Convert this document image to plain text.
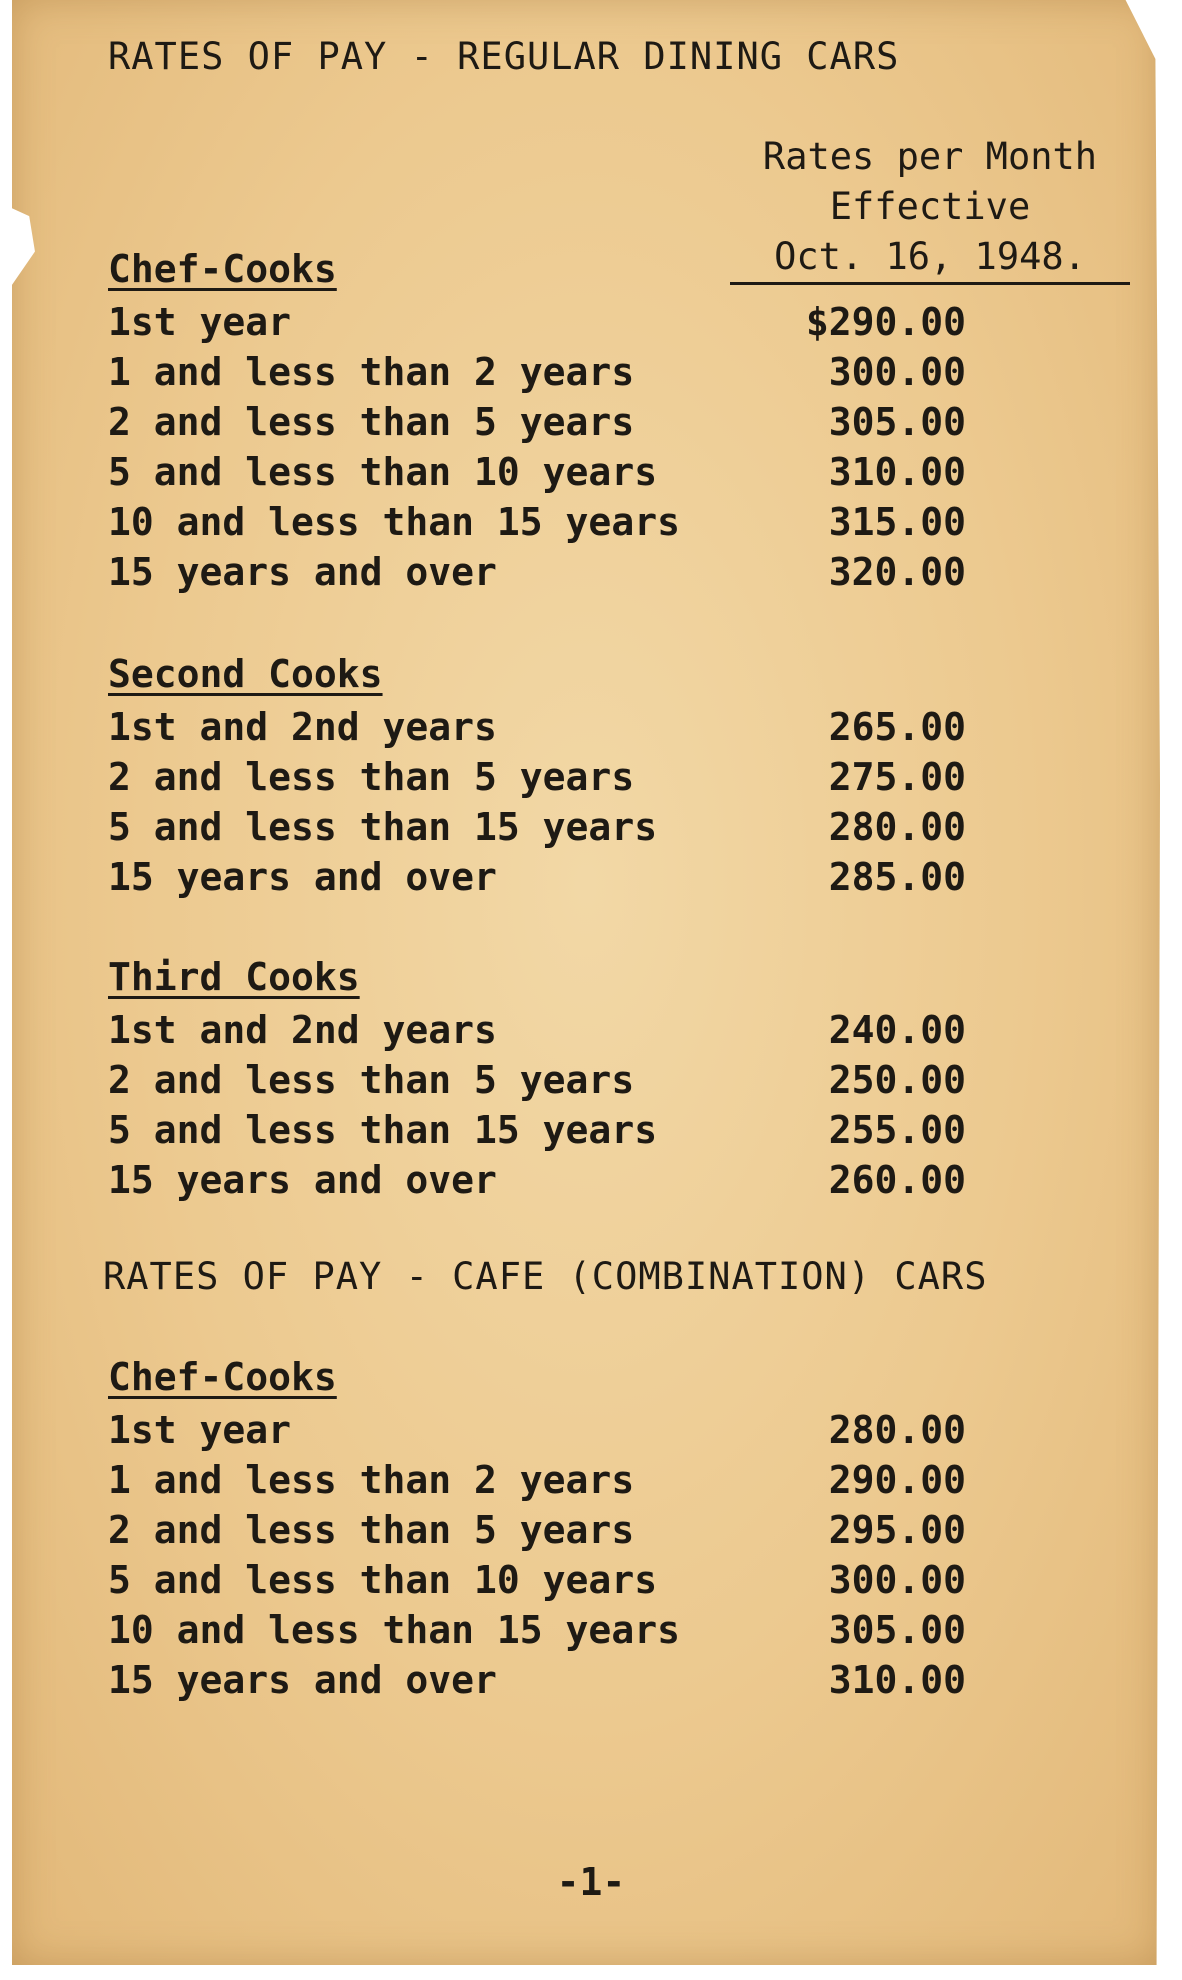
RATES OF PAY - REGULAR DINING CARS
Rates per Month
Effective
Oct. 16, 1948.
Chef-Cooks
1st year	$290.00
1 and less than 2 years	300.00
2 and less than 5 years	305.00
5 and less than 10 years	310.00
10 and less than 15 years	315.00
15 years and over	320.00
Second Cooks
1st and 2nd years	265.00
2 and less than 5 years	275.00
5 and less than 15 years	280.00
15 years and over	285.00
Third Cooks
1st and 2nd years	240.00
2 and less than 5 years	250.00
5 and less than 15 years	255.00
15 years and over	260.00
RATES OF PAY - CAFE (COMBINATION) CARS
Chef-Cooks
1st year	280.00
1 and less than 2 years	290.00
2 and less than 5 years	295.00
5 and less than 10 years	300.00
10 and less than 15 years	305.00
15 years and over	310.00
-1-
